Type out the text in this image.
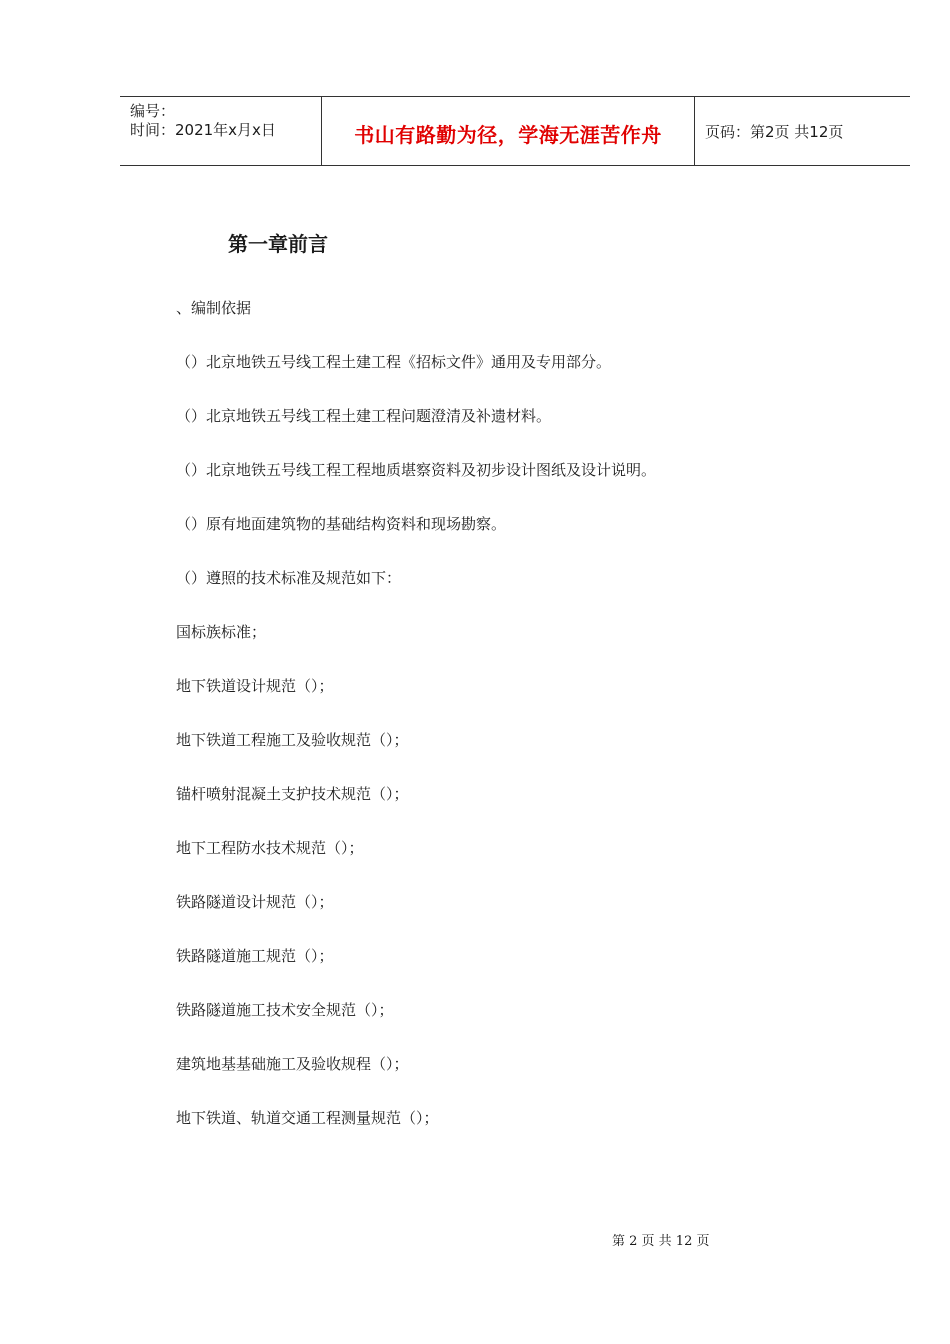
编号：
时间：2021年x月x日	书山有路勤为径，学海无涯苦作舟	页码：第2页 共12页
第一章前言
、编制依据
（）北京地铁五号线工程土建工程《招标文件》通用及专用部分。
（）北京地铁五号线工程土建工程问题澄清及补遗材料。
（）北京地铁五号线工程工程地质堪察资料及初步设计图纸及设计说明。
（）原有地面建筑物的基础结构资料和现场勘察。
（）遵照的技术标准及规范如下：
国标族标准；
地下铁道设计规范（）；
地下铁道工程施工及验收规范（）；
锚杆喷射混凝土支护技术规范（）；
地下工程防水技术规范（）；
铁路隧道设计规范（）；
铁路隧道施工规范（）；
铁路隧道施工技术安全规范（）；
建筑地基基础施工及验收规程（）；
地下铁道、轨道交通工程测量规范（）；
第 2 页 共 12 页
